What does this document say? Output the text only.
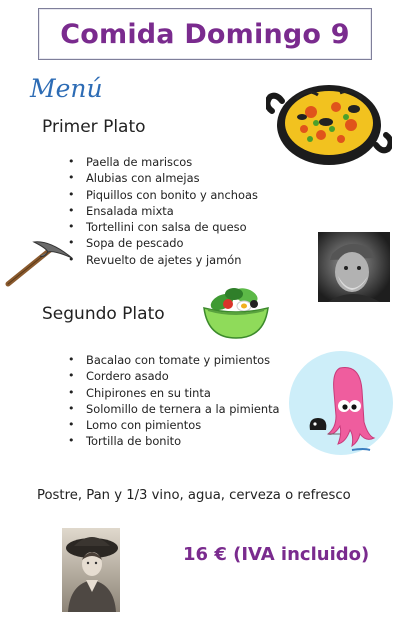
Comida Domingo 9
Menú
Primer Plato
• Paella de mariscos
• Alubias con almejas
• Piquillos con bonito y anchoas
• Ensalada mixta
• Tortellini con salsa de queso
• Sopa de pescado
• Revuelto de ajetes y jamón
Segundo Plato
• Bacalao con tomate y pimientos
• Cordero asado
• Chipirones en su tinta
• Solomillo de ternera a la pimienta
• Lomo con pimientos
• Tortilla de bonito
Postre, Pan y 1/3 vino, agua, cerveza o refresco
16 € (IVA incluido)
